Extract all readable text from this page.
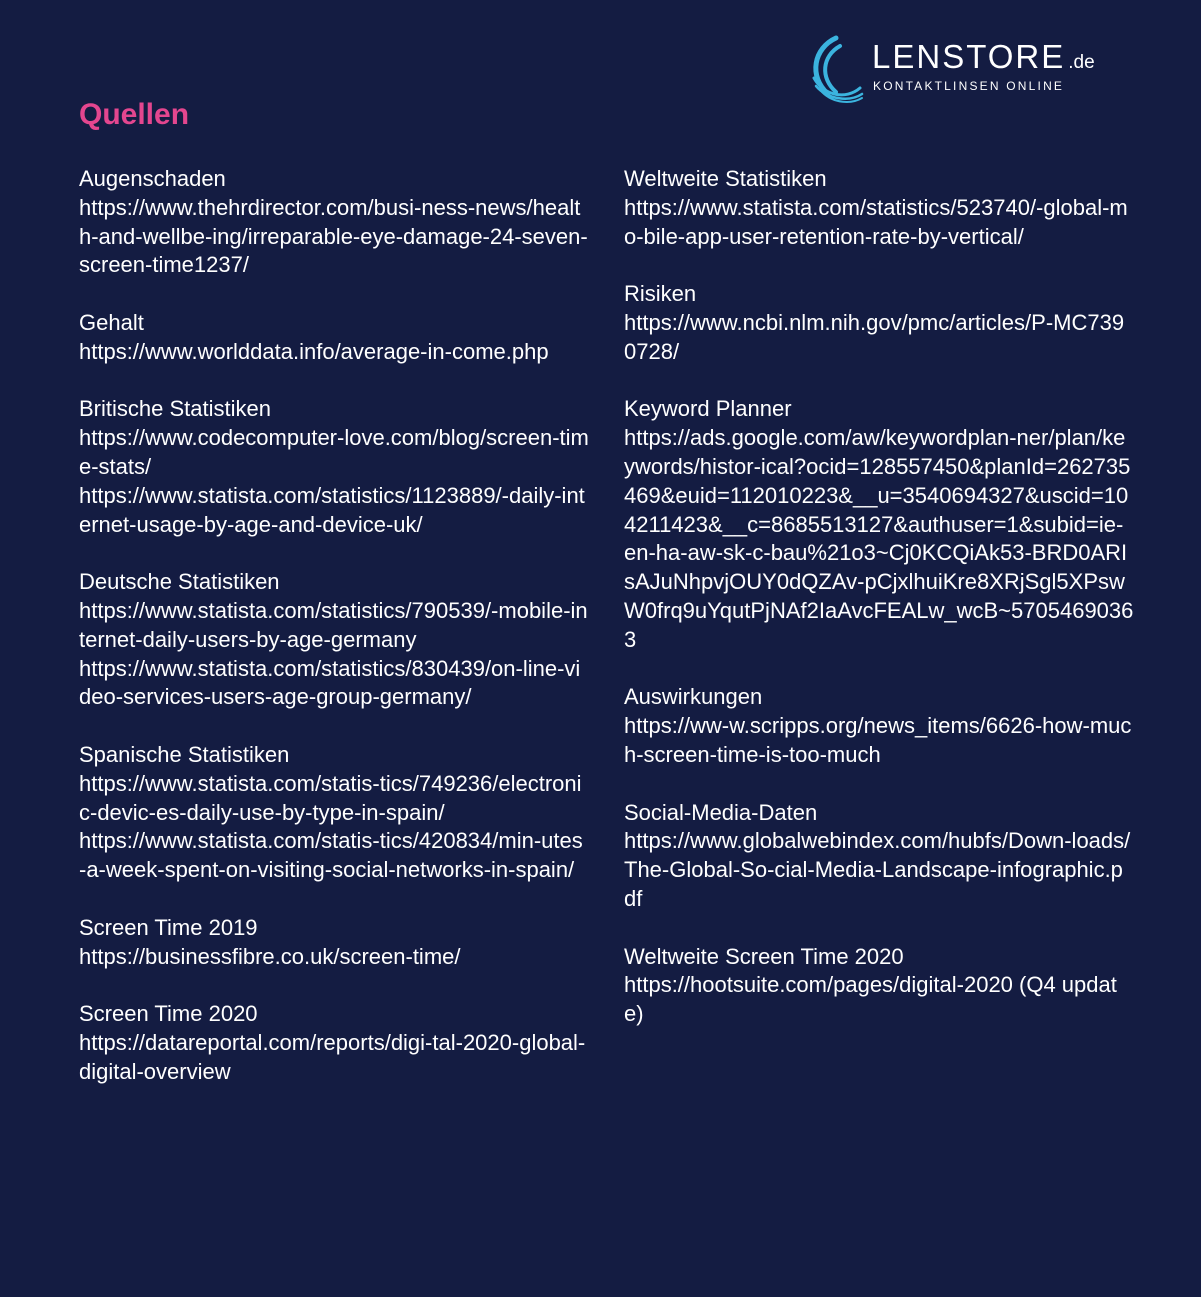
LENSTORE .de
KONTAKTLINSEN ONLINE
Quellen
Augenschaden
https://www.thehrdirector.com/busi-ness-news/health-and-wellbe-ing/irreparable-eye-damage-24-seven-screen-time1237/
Gehalt
https://www.worlddata.info/average-in-come.php
Britische Statistiken
https://www.codecomputer-love.com/blog/screen-time-stats/
https://www.statista.com/statistics/1123889/-daily-internet-usage-by-age-and-device-uk/
Deutsche Statistiken
https://www.statista.com/statistics/790539/-mobile-internet-daily-users-by-age-germany
https://www.statista.com/statistics/830439/on-line-video-services-users-age-group-germany/
Spanische Statistiken
https://www.statista.com/statis-tics/749236/electronic-devic-es-daily-use-by-type-in-spain/
https://www.statista.com/statis-tics/420834/min-utes-a-week-spent-on-visiting-social-networks-in-spain/
Screen Time 2019
https://businessfibre.co.uk/screen-time/
Screen Time 2020
https://datareportal.com/reports/digi-tal-2020-global-digital-overview
Weltweite Statistiken
https://www.statista.com/statistics/523740/-global-mo-bile-app-user-retention-rate-by-vertical/
Risiken
https://www.ncbi.nlm.nih.gov/pmc/articles/P-MC7390728/
Keyword Planner
https://ads.google.com/aw/keywordplan-ner/plan/keywords/histor-ical?ocid=128557450&planId=262735469&euid=112010223&__u=3540694327&uscid=104211423&__c=8685513127&authuser=1&subid=ie-en-ha-aw-sk-c-bau%21o3~Cj0KCQiAk53-BRD0ARIsAJuNhpvjOUY0dQZAv-pCjxlhuiKre8XRjSgl5XPswW0frq9uYqutPjNAf2IaAvcFEALw_wcB~57054690363
Auswirkungen
https://ww-w.scripps.org/news_items/6626-how-much-screen-time-is-too-much
Social-Media-Daten
https://www.globalwebindex.com/hubfs/Down-loads/The-Global-So-cial-Media-Landscape-infographic.pdf
Weltweite Screen Time 2020
https://hootsuite.com/pages/digital-2020 (Q4 update)
